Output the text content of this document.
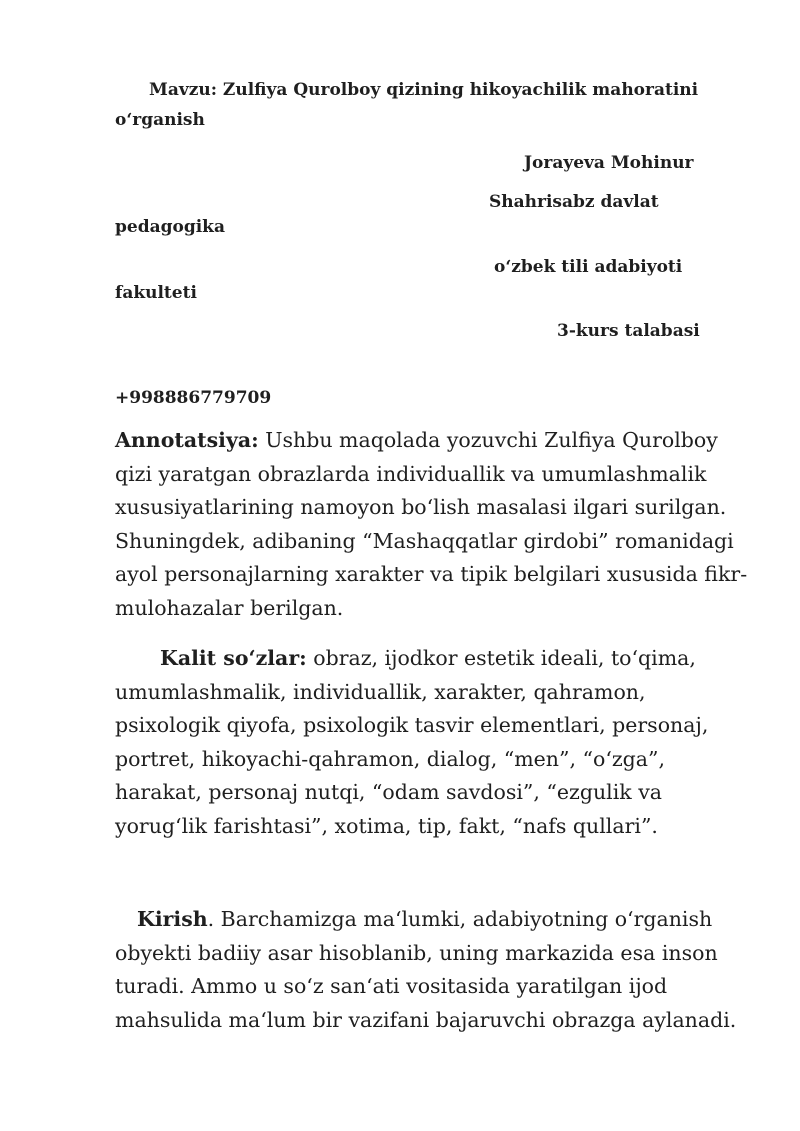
Mavzu: Zulfiya Qurolboy qizining hikoyachilik mahoratini
o‘rganish
Jorayeva Mohinur
Shahrisabz davlat
pedagogika
o‘zbek tili adabiyoti
fakulteti
3-kurs talabasi
+998886779709

Annotatsiya: Ushbu maqolada yozuvchi Zulfiya Qurolboy qizi yaratgan obrazlarda individuallik va umumlashmalik xususiyatlarining namoyon bo‘lish masalasi ilgari surilgan. Shuningdek, adibaning “Mashaqqatlar girdobi” romanidagi ayol personajlarning xarakter va tipik belgilari xususida fikr-mulohazalar berilgan.

Kalit so‘zlar: obraz, ijodkor estetik ideali, to‘qima, umumlashmalik, individuallik, xarakter, qahramon, psixologik qiyofa, psixologik tasvir elementlari, personaj, portret, hikoyachi-qahramon, dialog, “men”, “o‘zga”, harakat, personaj nutqi, “odam savdosi”, “ezgulik va yorug‘lik farishtasi”, xotima, tip, fakt, “nafs qullari”.

Kirish. Barchamizga ma‘lumki, adabiyotning o‘rganish obyekti badiiy asar hisoblanib, uning markazida esa inson turadi. Ammo u so‘z san‘ati vositasida yaratilgan ijod mahsulida ma‘lum bir vazifani bajaruvchi obrazga aylanadi.
